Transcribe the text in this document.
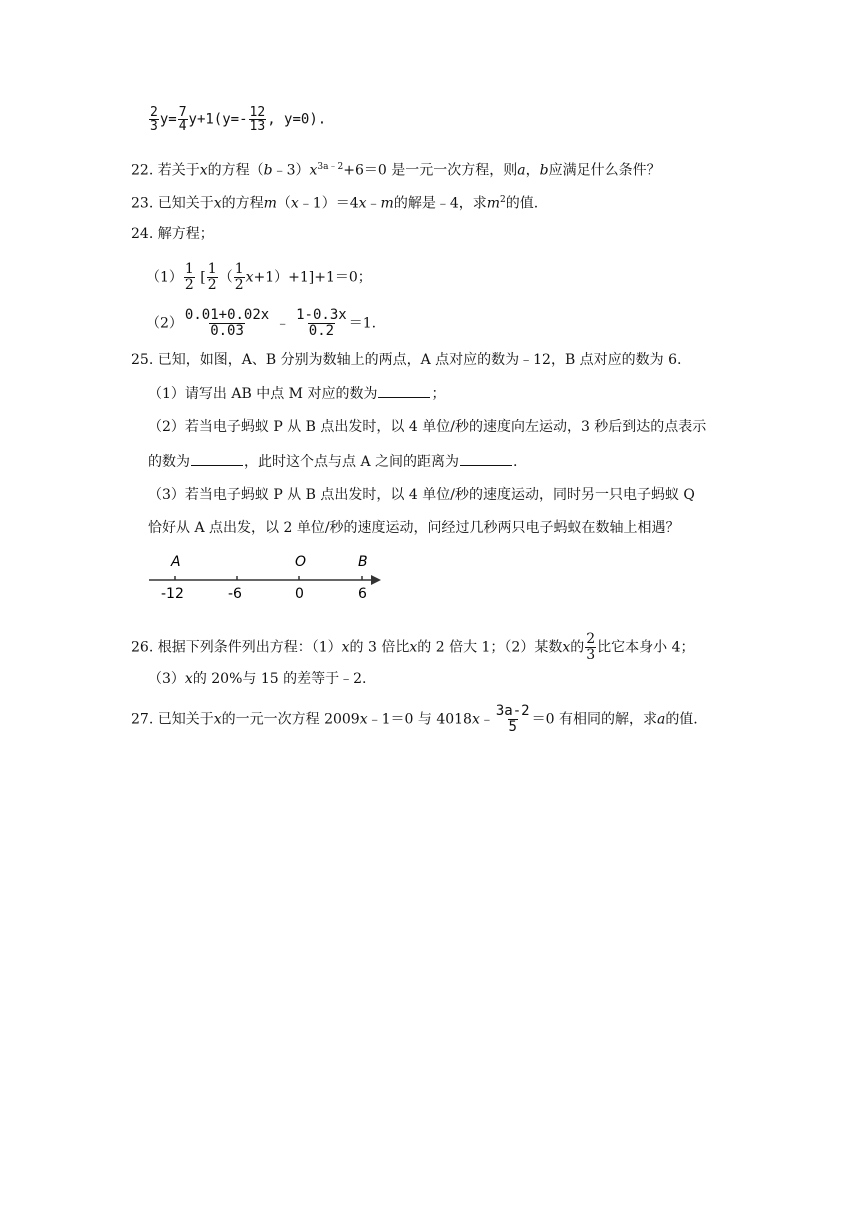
$\frac{2}{3} y= \frac{7}{4} y+1(y=- \frac{12}{13}$ , y=0).
22. 若关于x的方程$(b﹣3)x^{3a﹣2}+6=0$ 是一元一次方程，则a，b应满足什么条件？
23. 已知关于x的方程m（x﹣1）＝4x﹣m的解是﹣4，求$m^2$的值.
24. 解方程；
$(1) \frac{1}{2}$ [ $\frac{1}{2}$ （ $\frac{1}{2} x+1)+1]+1=0$；
$(2) \frac{0.01+0.02x}{0.03}$ ﹣ $\frac{1-0.3x}{0.2} =1$.
25. 已知，如图，A、B 分别为数轴上的两点，A 点对应的数为﹣12，B 点对应的数为 6.
（1）请写出 AB 中点 M 对应的数为	；
（2）若当电子蚂蚁 P 从 B 点出发时，以 4 单位/秒的速度向左运动，3 秒后到达的点表示
的数为	，此时这个点与点 A 之间的距离为	.
（3）若当电子蚂蚁 P 从 B 点出发时，以 4 单位/秒的速度运动，同时另一只电子蚂蚁 Q
恰好从 A 点出发，以 2 单位/秒的速度运动，问经过几秒两只电子蚂蚁在数轴上相遇？
A	O	B
-12	-6	0	6
26. 根据下列条件列出方程：（1）x的 3 倍比x的 2 倍大 1；（2）某数x的 $\frac{2}{3}$ 比它本身小 4；
（3）x的 20%与 15 的差等于﹣2.
27. 已知关于x的一元一次方程 2009x﹣1＝0 与 4018x﹣ $\frac{3a-2}{5} =0$ 有相同的解，求a的值.
